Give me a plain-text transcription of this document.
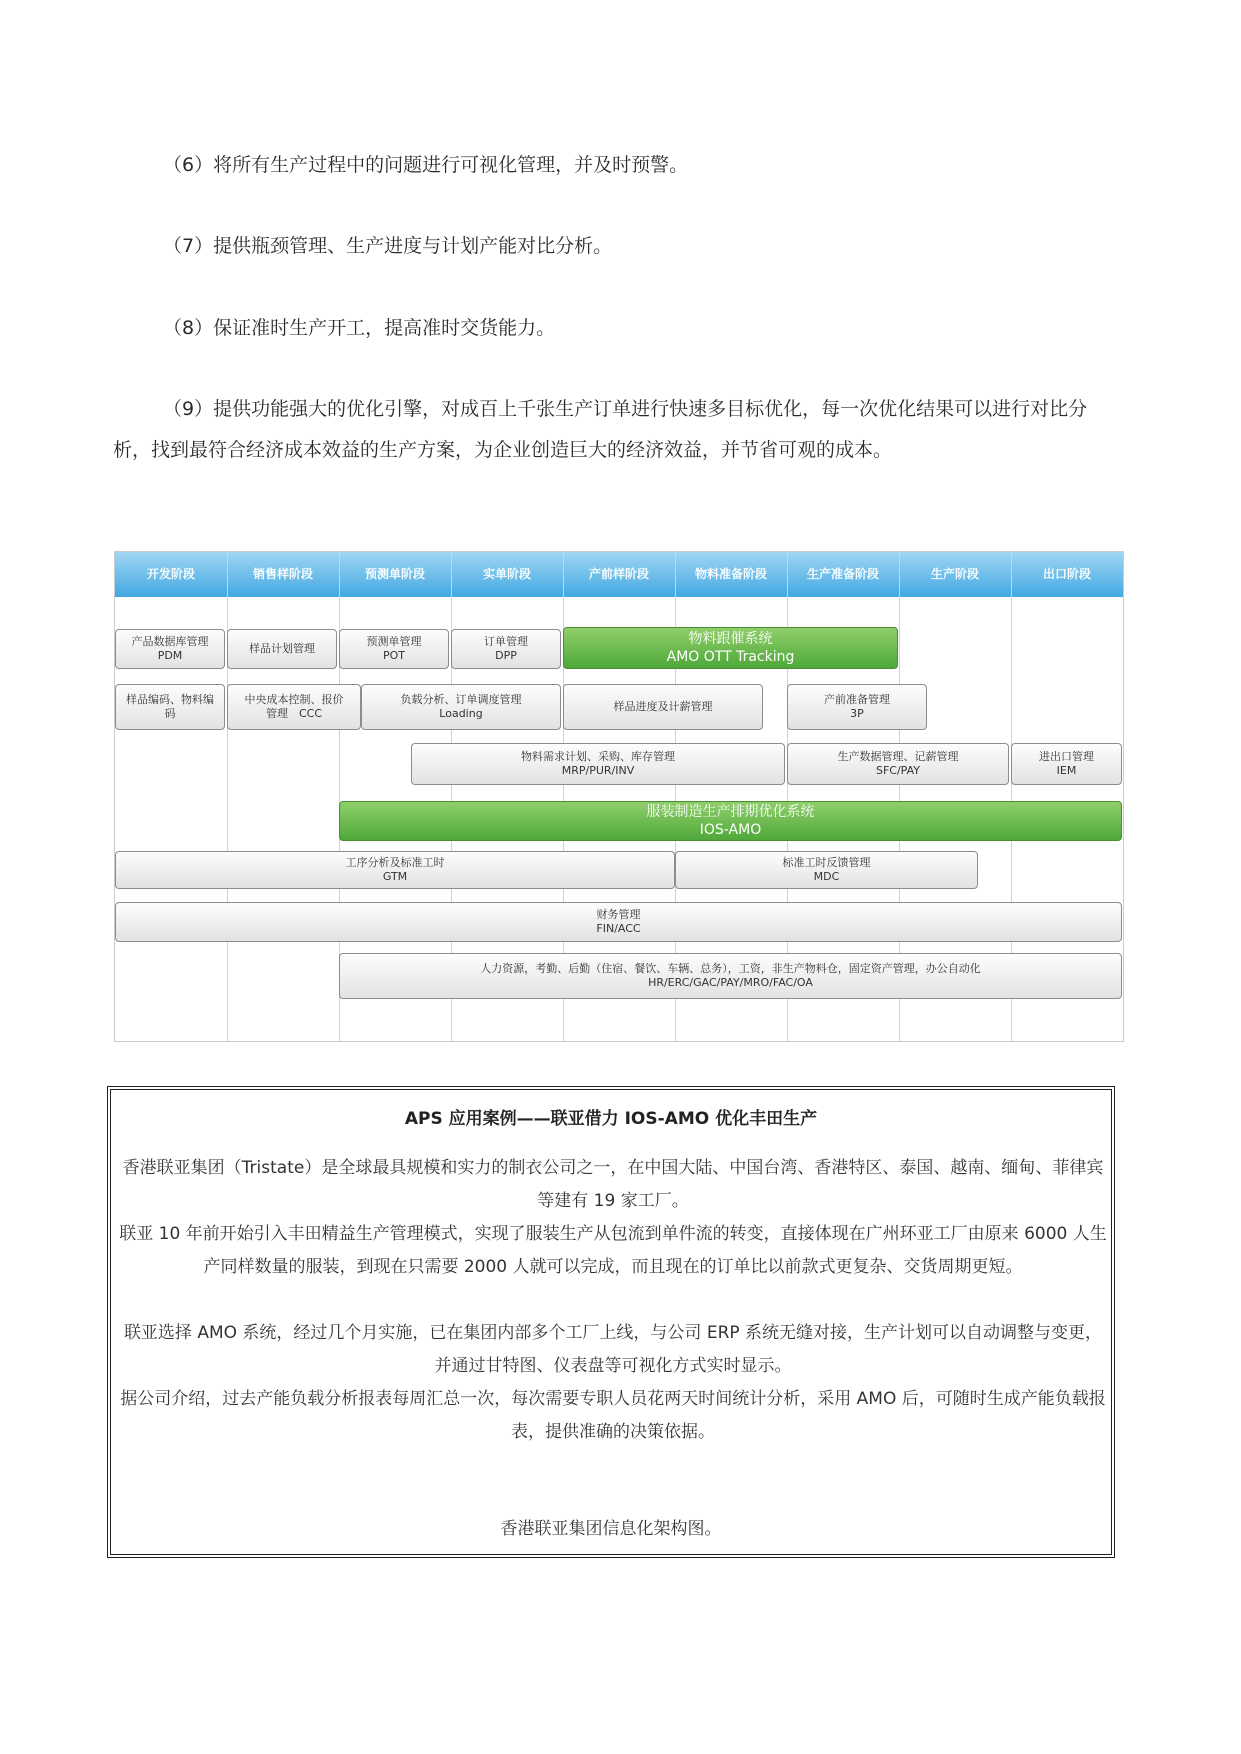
（6）将所有生产过程中的问题进行可视化管理，并及时预警。

（7）提供瓶颈管理、生产进度与计划产能对比分析。

（8）保证准时生产开工，提高准时交货能力。

（9）提供功能强大的优化引擎，对成百上千张生产订单进行快速多目标优化，每一次优化结果可以进行对比分析，找到最符合经济成本效益的生产方案，为企业创造巨大的经济效益，并节省可观的成本。

开发阶段	销售样阶段	预测单阶段	实单阶段	产前样阶段	物料准备阶段	生产准备阶段	生产阶段	出口阶段
产品数据库管理
PDM
样品计划管理
预测单管理
POT
订单管理
DPP
物料跟催系统
AMO OTT Tracking
样品编码、物料编码
中央成本控制、报价
管理　CCC
负载分析、订单调度管理
Loading
样品进度及计薪管理
产前准备管理
3P
物料需求计划、采购、库存管理
MRP/PUR/INV
生产数据管理、记薪管理
SFC/PAY
进出口管理
IEM
服装制造生产排期优化系统
IOS-AMO
工序分析及标准工时
GTM
标准工时反馈管理
MDC
财务管理
FIN/ACC
人力资源，考勤、后勤（住宿、餐饮、车辆、总务），工资，非生产物料仓，固定资产管理，办公自动化
HR/ERC/GAC/PAY/MRO/FAC/OA
APS 应用案例——联亚借力 IOS-AMO 优化丰田生产

香港联亚集团（Tristate）是全球最具规模和实力的制衣公司之一，在中国大陆、中国台湾、香港特区、泰国、越南、缅甸、菲律宾等建有 19 家工厂。

联亚 10 年前开始引入丰田精益生产管理模式，实现了服装生产从包流到单件流的转变，直接体现在广州环亚工厂由原来 6000 人生产同样数量的服装，到现在只需要 2000 人就可以完成，而且现在的订单比以前款式更复杂、交货周期更短。

联亚选择 AMO 系统，经过几个月实施，已在集团内部多个工厂上线，与公司 ERP 系统无缝对接，生产计划可以自动调整与变更，并通过甘特图、仪表盘等可视化方式实时显示。

据公司介绍，过去产能负载分析报表每周汇总一次，每次需要专职人员花两天时间统计分析，采用 AMO 后，可随时生成产能负载报表，提供准确的决策依据。

香港联亚集团信息化架构图。
